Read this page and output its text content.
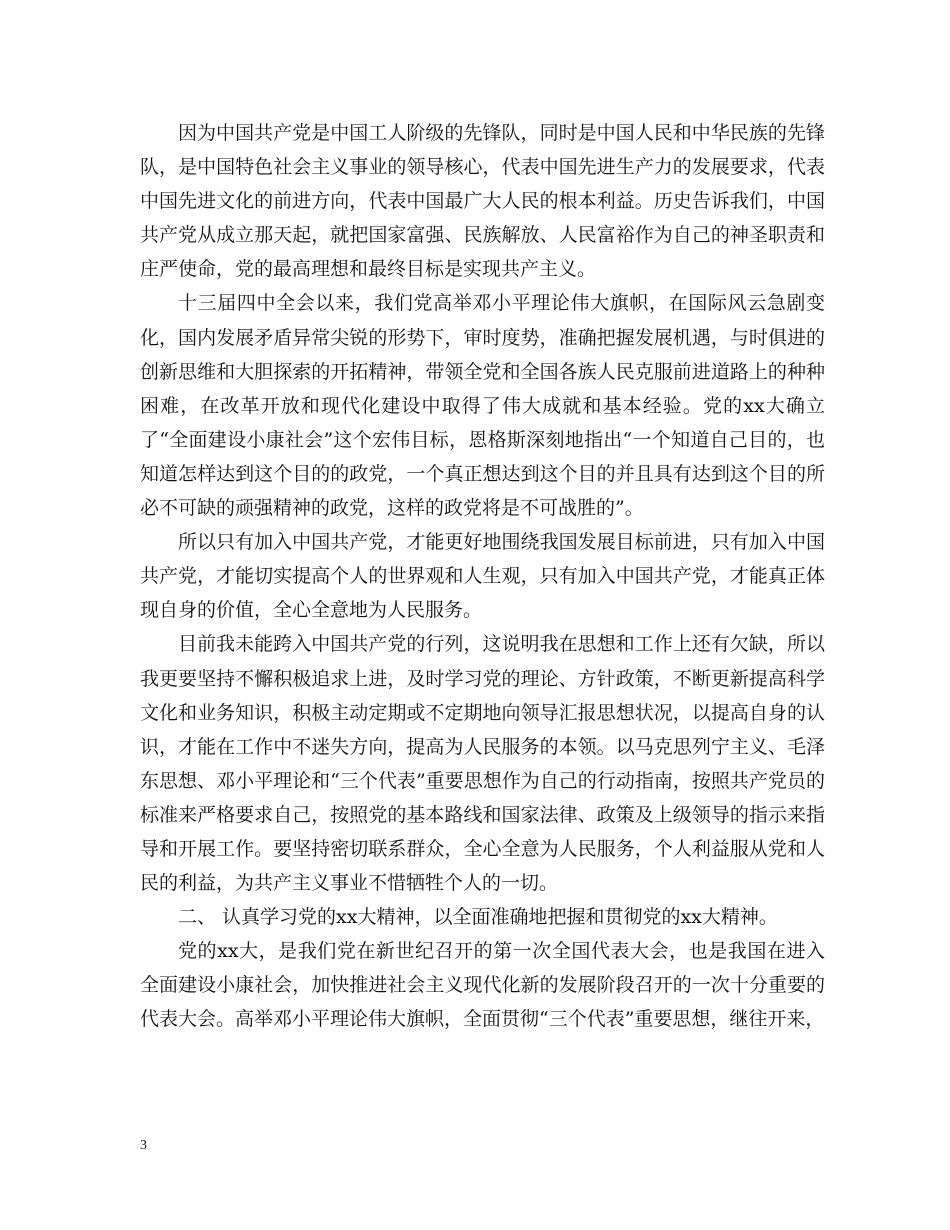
因为中国共产党是中国工人阶级的先锋队，同时是中国人民和中华民族的先锋队，是中国特色社会主义事业的领导核心，代表中国先进生产力的发展要求，代表中国先进文化的前进方向，代表中国最广大人民的根本利益。历史告诉我们，中国共产党从成立那天起，就把国家富强、民族解放、人民富裕作为自己的神圣职责和庄严使命，党的最高理想和最终目标是实现共产主义。

十三届四中全会以来，我们党高举邓小平理论伟大旗帜，在国际风云急剧变化，国内发展矛盾异常尖锐的形势下，审时度势，准确把握发展机遇，与时俱进的创新思维和大胆探索的开拓精神，带领全党和全国各族人民克服前进道路上的种种困难，在改革开放和现代化建设中取得了伟大成就和基本经验。党的xx大确立了“全面建设小康社会”这个宏伟目标，恩格斯深刻地指出“一个知道自己目的，也知道怎样达到这个目的的政党，一个真正想达到这个目的并且具有达到这个目的所必不可缺的顽强精神的政党，这样的政党将是不可战胜的”。

所以只有加入中国共产党，才能更好地围绕我国发展目标前进，只有加入中国共产党，才能切实提高个人的世界观和人生观，只有加入中国共产党，才能真正体现自身的价值，全心全意地为人民服务。

目前我未能跨入中国共产党的行列，这说明我在思想和工作上还有欠缺，所以我更要坚持不懈积极追求上进，及时学习党的理论、方针政策，不断更新提高科学文化和业务知识，积极主动定期或不定期地向领导汇报思想状况，以提高自身的认识，才能在工作中不迷失方向，提高为人民服务的本领。以马克思列宁主义、毛泽东思想、邓小平理论和“三个代表”重要思想作为自己的行动指南，按照共产党员的标准来严格要求自己，按照党的基本路线和国家法律、政策及上级领导的指示来指导和开展工作。要坚持密切联系群众，全心全意为人民服务，个人利益服从党和人民的利益，为共产主义事业不惜牺牲个人的一切。

二、 认真学习党的xx大精神，以全面准确地把握和贯彻党的xx大精神。

党的xx大，是我们党在新世纪召开的第一次全国代表大会，也是我国在进入全面建设小康社会，加快推进社会主义现代化新的发展阶段召开的一次十分重要的代表大会。高举邓小平理论伟大旗帜，全面贯彻“三个代表”重要思想，继往开来，

3
